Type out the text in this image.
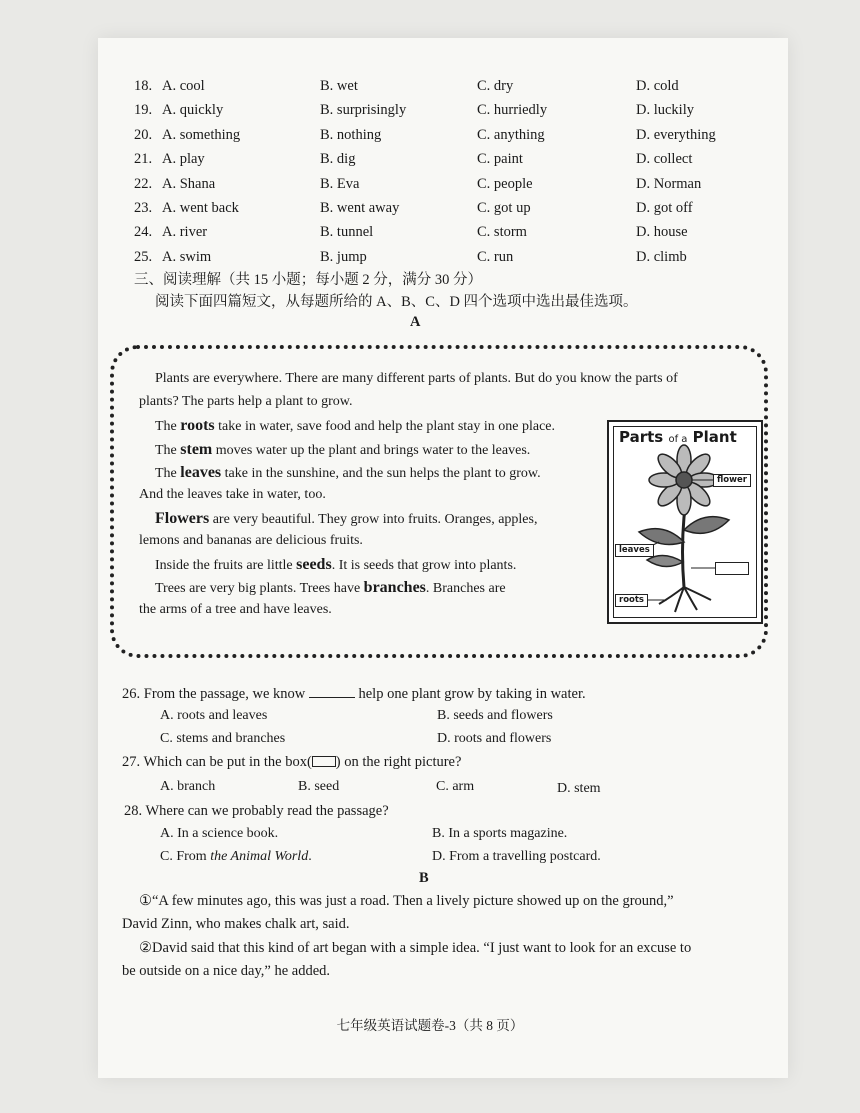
18. A. cool	B. wet	C. dry	D. cold
19. A. quickly	B. surprisingly	C. hurriedly	D. luckily
20. A. something	B. nothing	C. anything	D. everything
21. A. play	B. dig	C. paint	D. collect
22. A. Shana	B. Eva	C. people	D. Norman
23. A. went back	B. went away	C. got up	D. got off
24. A. river	B. tunnel	C. storm	D. house
25. A. swim	B. jump	C. run	D. climb
三、阅读理解（共 15 小题；每小题 2 分，满分 30 分）
阅读下面四篇短文，从每题所给的 A、B、C、D 四个选项中选出最佳选项。
A
Plants are everywhere. There are many different parts of plants. But do you know the parts of
plants? The parts help a plant to grow.
The roots take in water, save food and help the plant stay in one place.
The stem moves water up the plant and brings water to the leaves.
The leaves take in the sunshine, and the sun helps the plant to grow.
And the leaves take in water, too.
Flowers are very beautiful. They grow into fruits. Oranges, apples,
lemons and bananas are delicious fruits.
Inside the fruits are little seeds. It is seeds that grow into plants.
Trees are very big plants. Trees have branches. Branches are
the arms of a tree and have leaves.
Parts of a Plant
flower
leaves
roots
26. From the passage, we know	help one plant grow by taking in water.
A. roots and leaves	B. seeds and flowers
C. stems and branches	D. roots and flowers
27. Which can be put in the box( ) on the right picture?
A. branch	B. seed	C. arm	D. stem
28. Where can we probably read the passage?
A. In a science book.	B. In a sports magazine.
C. From the Animal World.	D. From a travelling postcard.
B
①“A few minutes ago, this was just a road. Then a lively picture showed up on the ground,”
David Zinn, who makes chalk art, said.
②David said that this kind of art began with a simple idea. “I just want to look for an excuse to
be outside on a nice day,” he added.
七年级英语试题卷-3（共 8 页）
